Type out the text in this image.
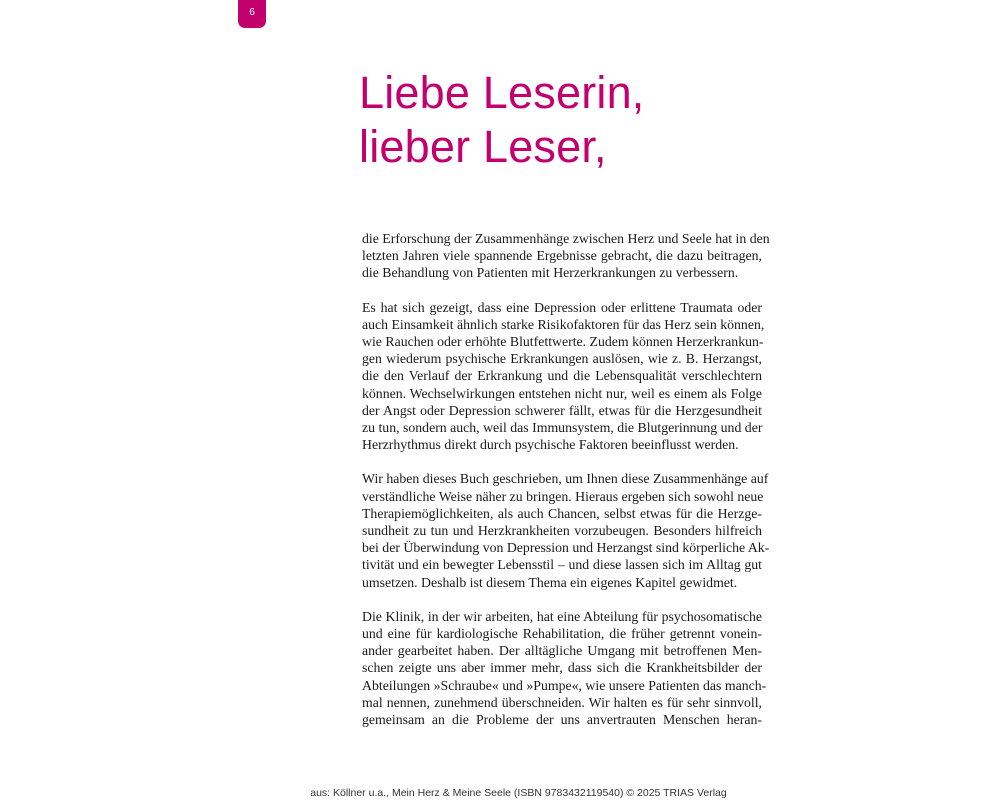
6
Liebe Leserin,
lieber Leser,

die Erforschung der Zusammenhänge zwischen Herz und Seele hat in den
letzten Jahren viele spannende Ergebnisse gebracht, die dazu beitragen,
die Behandlung von Patienten mit Herzerkrankungen zu verbessern.

Es hat sich gezeigt, dass eine Depression oder erlittene Traumata oder
auch Einsamkeit ähnlich starke Risikofaktoren für das Herz sein können,
wie Rauchen oder erhöhte Blutfettwerte. Zudem können Herzerkrankun-
gen wiederum psychische Erkrankungen auslösen, wie z. B. Herzangst,
die den Verlauf der Erkrankung und die Lebensqualität verschlechtern
können. Wechselwirkungen entstehen nicht nur, weil es einem als Folge
der Angst oder Depression schwerer fällt, etwas für die Herzgesundheit
zu tun, sondern auch, weil das Immunsystem, die Blutgerinnung und der
Herzrhythmus direkt durch psychische Faktoren beeinflusst werden.

Wir haben dieses Buch geschrieben, um Ihnen diese Zusammenhänge auf
verständliche Weise näher zu bringen. Hieraus ergeben sich sowohl neue
Therapiemöglichkeiten, als auch Chancen, selbst etwas für die Herzge-
sundheit zu tun und Herzkrankheiten vorzubeugen. Besonders hilfreich
bei der Überwindung von Depression und Herzangst sind körperliche Ak-
tivität und ein bewegter Lebensstil – und diese lassen sich im Alltag gut
umsetzen. Deshalb ist diesem Thema ein eigenes Kapitel gewidmet.

Die Klinik, in der wir arbeiten, hat eine Abteilung für psychosomatische
und eine für kardiologische Rehabilitation, die früher getrennt vonein-
ander gearbeitet haben. Der alltägliche Umgang mit betroffenen Men-
schen zeigte uns aber immer mehr, dass sich die Krankheitsbilder der
Abteilungen »Schraube« und »Pumpe«, wie unsere Patienten das manch-
mal nennen, zunehmend überschneiden. Wir halten es für sehr sinnvoll,
gemeinsam an die Probleme der uns anvertrauten Menschen heran-

aus: Köllner u.a., Mein Herz & Meine Seele (ISBN 9783432119540) © 2025 TRIAS Verlag
